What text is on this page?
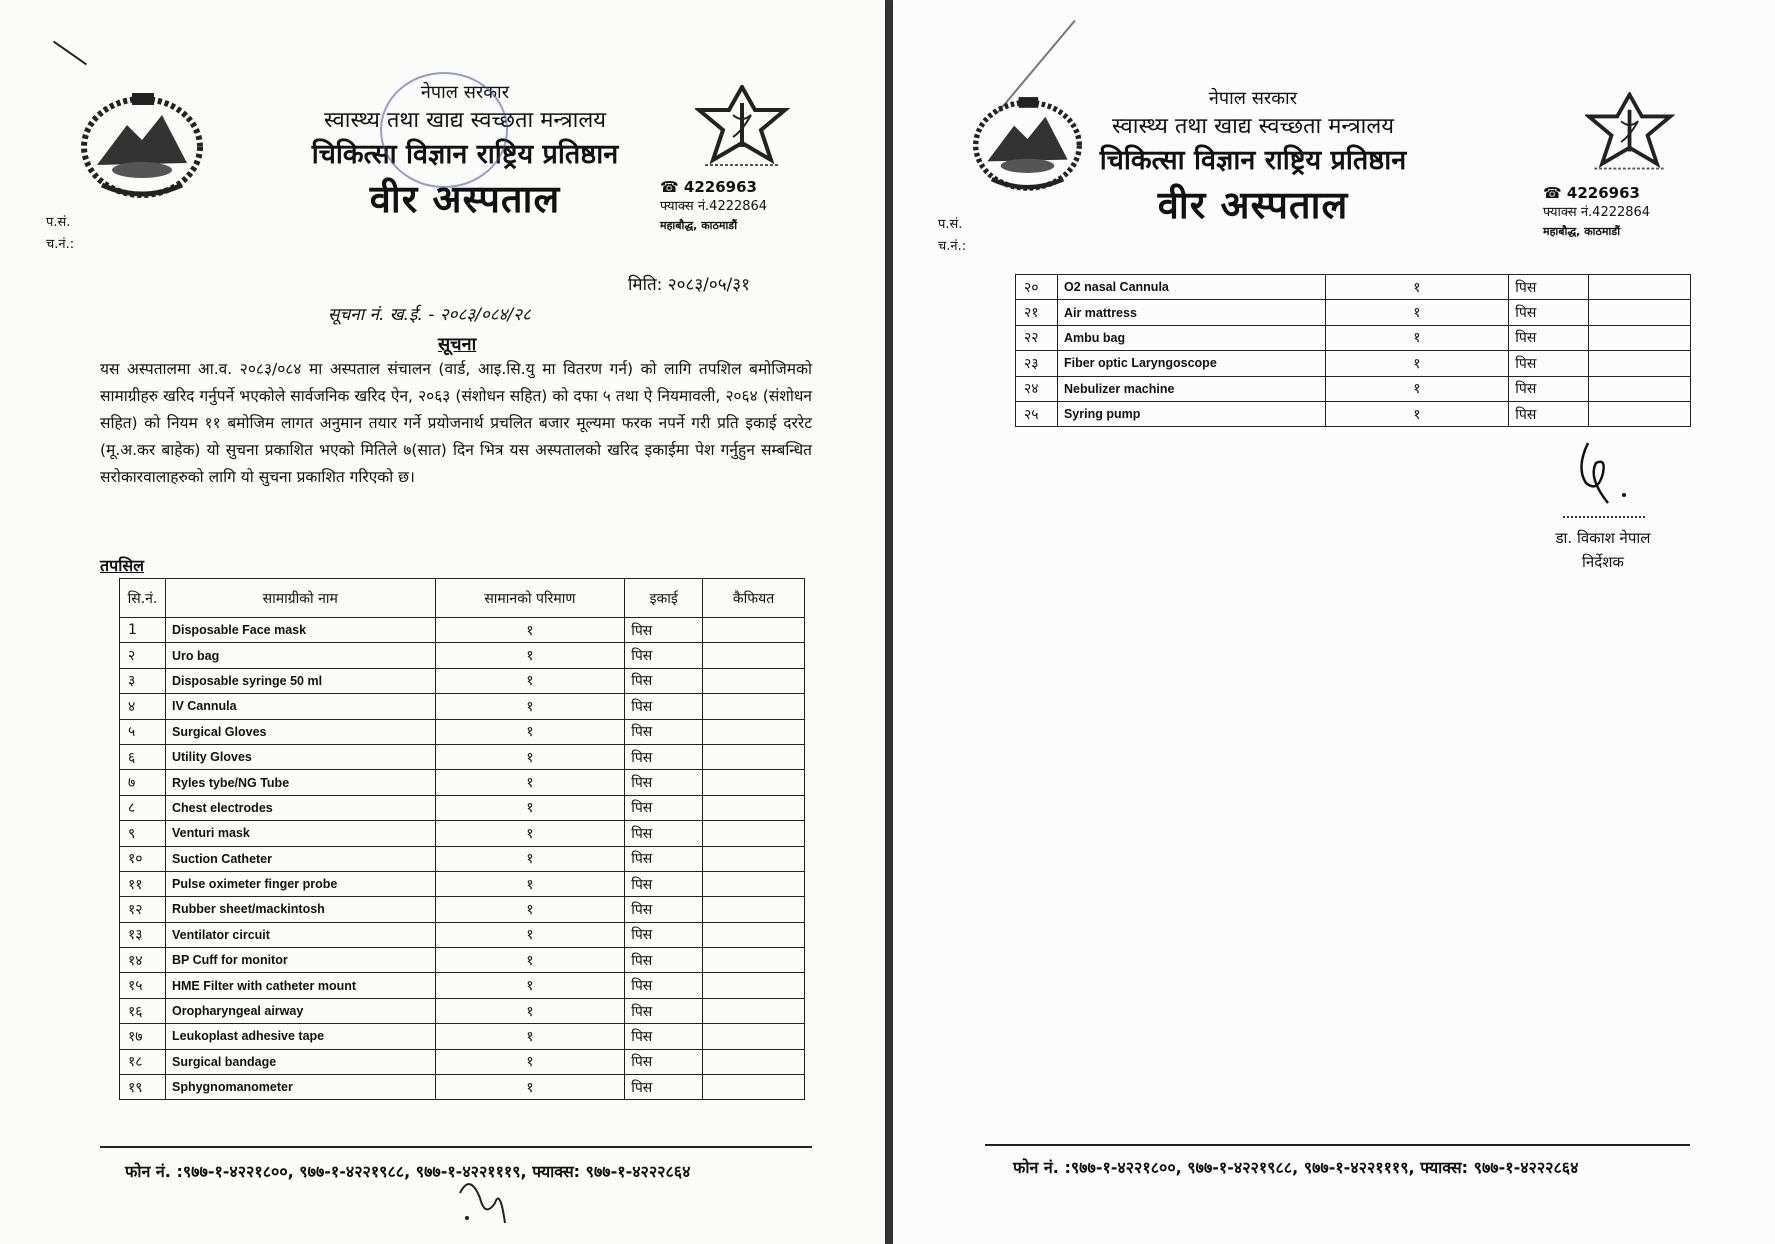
नेपाल सरकार
स्वास्थ्य तथा खाद्य स्वच्छता मन्त्रालय
चिकित्सा विज्ञान राष्ट्रिय प्रतिष्ठान
वीर अस्पताल	☎ 4226963
फ्याक्स नं.4222864
महाबौद्ध, काठमाडौं
प.सं.
च.नं.:
मिति: २०८३/०५/३१
सूचना नं. ख.ई. - २०८३/०८४/२८
सूचना
यस अस्पतालमा आ.व. २०८३/०८४ मा अस्पताल संचालन (वार्ड, आइ.सि.यु मा वितरण गर्न) को लागि तपशिल बमोजिमको सामाग्रीहरु खरिद गर्नुपर्ने भएकोले सार्वजनिक खरिद ऐन, २०६३ (संशोधन सहित) को दफा ५ तथा ऐ नियमावली, २०६४ (संशोधन सहित) को नियम ११ बमोजिम लागत अनुमान तयार गर्ने प्रयोजनार्थ प्रचलित बजार मूल्यमा फरक नपर्ने गरी प्रति इकाई दररेट (मू.अ.कर बाहेक) यो सुचना प्रकाशित भएको मितिले ७(सात) दिन भित्र यस अस्पतालको खरिद इकाईमा पेश गर्नुहुन सम्बन्धित सरोकारवालाहरुको लागि यो सुचना प्रकाशित गरिएको छ।
तपसिल
सि.नं.	सामाग्रीको नाम	सामानको परिमाण	इकाई	कैफियत
1	Disposable Face mask	१	पिस	
२	Uro bag	१	पिस	
३	Disposable syringe 50 ml	१	पिस	
४	IV Cannula	१	पिस	
५	Surgical Gloves	१	पिस	
६	Utility Gloves	१	पिस	
७	Ryles tybe/NG Tube	१	पिस	
८	Chest electrodes	१	पिस	
९	Venturi mask	१	पिस	
१०	Suction Catheter	१	पिस	
११	Pulse oximeter finger probe	१	पिस	
१२	Rubber sheet/mackintosh	१	पिस	
१३	Ventilator circuit	१	पिस	
१४	BP Cuff for monitor	१	पिस	
१५	HME Filter with catheter mount	१	पिस	
१६	Oropharyngeal airway	१	पिस	
१७	Leukoplast adhesive tape	१	पिस	
१८	Surgical bandage	१	पिस	
१९	Sphygnomanometer	१	पिस	
फोन नं. :९७७-१-४२२१८००, ९७७-१-४२२१९८८, ९७७-१-४२२१११९, फ्याक्स: ९७७-१-४२२२८६४
नेपाल सरकार
स्वास्थ्य तथा खाद्य स्वच्छता मन्त्रालय
चिकित्सा विज्ञान राष्ट्रिय प्रतिष्ठान
वीर अस्पताल	☎ 4226963
फ्याक्स नं.4222864
महाबौद्ध, काठमाडौं
प.सं.
च.नं.:
२०	O2 nasal Cannula	१	पिस	
२१	Air mattress	१	पिस	
२२	Ambu bag	१	पिस	
२३	Fiber optic Laryngoscope	१	पिस	
२४	Nebulizer machine	१	पिस	
२५	Syring pump	१	पिस	
डा. विकाश नेपाल
निर्देशक
फोन नं. :९७७-१-४२२१८००, ९७७-१-४२२१९८८, ९७७-१-४२२१११९, फ्याक्स: ९७७-१-४२२२८६४
